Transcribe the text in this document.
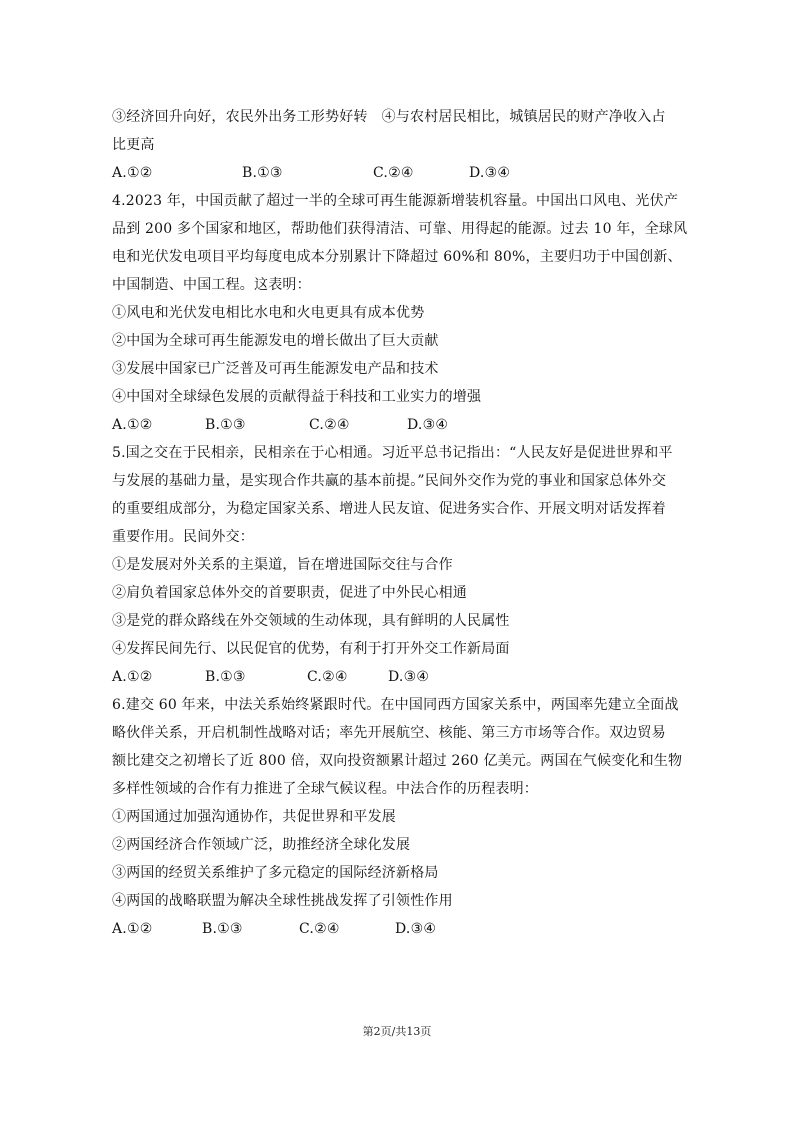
③经济回升向好，农民外出务工形势好转 ④与农村居民相比，城镇居民的财产净收入占
比更高
A.①②	B.①③	C.②④	D.③④
4.2023 年，中国贡献了超过一半的全球可再生能源新增装机容量。中国出口风电、光伏产
品到 200 多个国家和地区，帮助他们获得清洁、可靠、用得起的能源。过去 10 年，全球风
电和光伏发电项目平均每度电成本分别累计下降超过 60%和 80%，主要归功于中国创新、
中国制造、中国工程。这表明：
①风电和光伏发电相比水电和火电更具有成本优势
②中国为全球可再生能源发电的增长做出了巨大贡献
③发展中国家已广泛普及可再生能源发电产品和技术
④中国对全球绿色发展的贡献得益于科技和工业实力的增强
A.①②	B.①③	C.②④	D.③④
5.国之交在于民相亲，民相亲在于心相通。习近平总书记指出：“人民友好是促进世界和平
与发展的基础力量，是实现合作共赢的基本前提。”民间外交作为党的事业和国家总体外交
的重要组成部分，为稳定国家关系、增进人民友谊、促进务实合作、开展文明对话发挥着
重要作用。民间外交：
①是发展对外关系的主渠道，旨在增进国际交往与合作
②肩负着国家总体外交的首要职责，促进了中外民心相通
③是党的群众路线在外交领域的生动体现，具有鲜明的人民属性
④发挥民间先行、以民促官的优势，有利于打开外交工作新局面
A.①②	B.①③	C.②④	D.③④
6.建交 60 年来，中法关系始终紧跟时代。在中国同西方国家关系中，两国率先建立全面战
略伙伴关系，开启机制性战略对话；率先开展航空、核能、第三方市场等合作。双边贸易
额比建交之初增长了近 800 倍，双向投资额累计超过 260 亿美元。两国在气候变化和生物
多样性领域的合作有力推进了全球气候议程。中法合作的历程表明：
①两国通过加强沟通协作，共促世界和平发展
②两国经济合作领域广泛，助推经济全球化发展
③两国的经贸关系维护了多元稳定的国际经济新格局
④两国的战略联盟为解决全球性挑战发挥了引领性作用
A.①②	B.①③	C.②④	D.③④
第2页/共13页
